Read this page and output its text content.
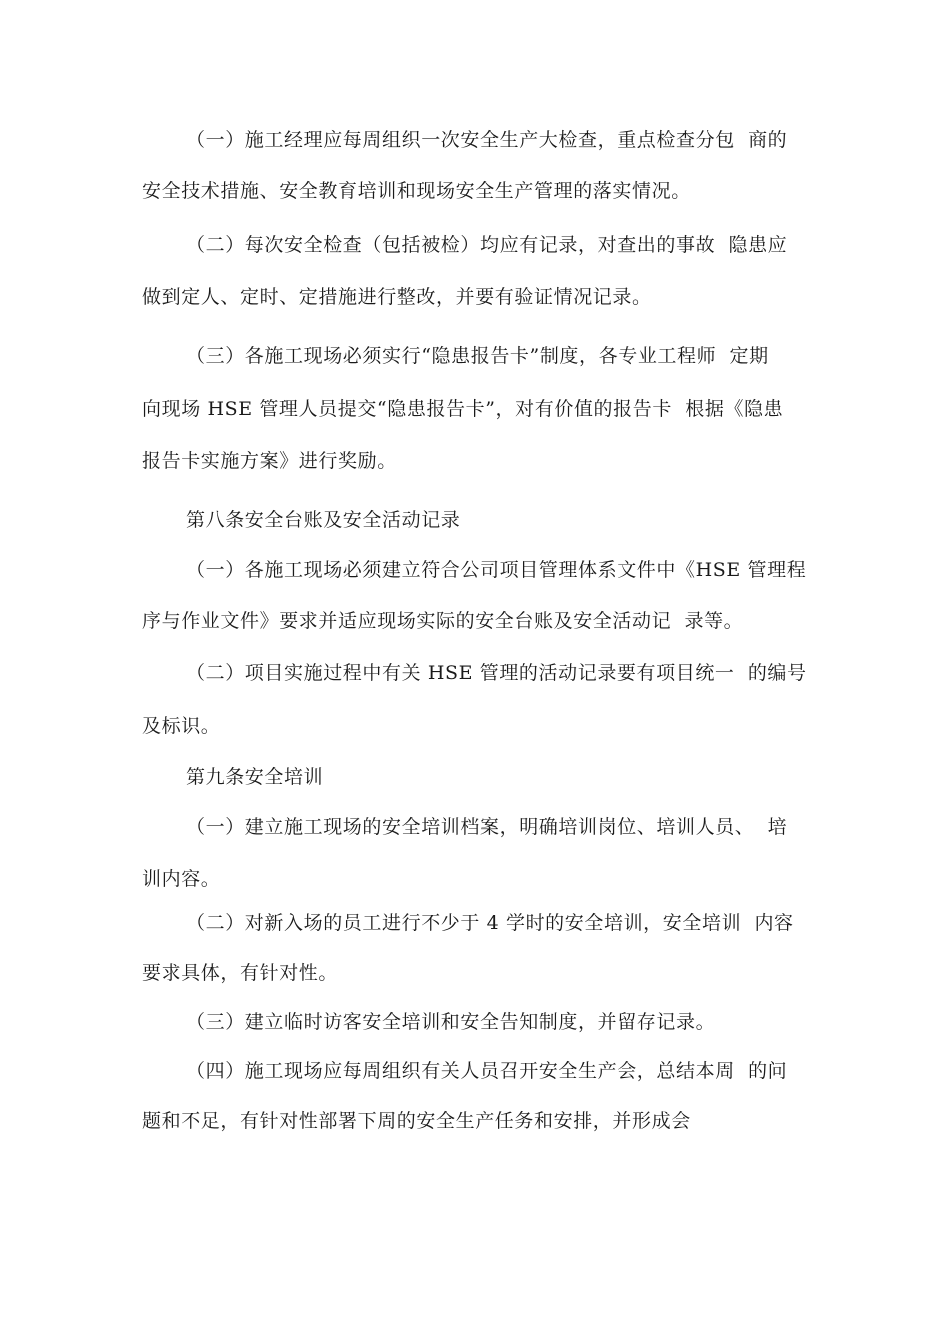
（一）施工经理应每周组织一次安全生产大检查，重点检查分包  商的
安全技术措施、安全教育培训和现场安全生产管理的落实情况。
（二）每次安全检查（包括被检）均应有记录，对查出的事故  隐患应
做到定人、定时、定措施进行整改，并要有验证情况记录。
（三）各施工现场必须实行“隐患报告卡”制度，各专业工程师  定期
向现场 HSE 管理人员提交“隐患报告卡”，对有价值的报告卡  根据《隐患
报告卡实施方案》进行奖励。
第八条安全台账及安全活动记录
（一）各施工现场必须建立符合公司项目管理体系文件中《HSE 管理程
序与作业文件》要求并适应现场实际的安全台账及安全活动记  录等。
（二）项目实施过程中有关 HSE 管理的活动记录要有项目统一  的编号
及标识。
第九条安全培训
（一）建立施工现场的安全培训档案，明确培训岗位、培训人员、  培
训内容。
（二）对新入场的员工进行不少于 4 学时的安全培训，安全培训  内容
要求具体，有针对性。
（三）建立临时访客安全培训和安全告知制度，并留存记录。
（四）施工现场应每周组织有关人员召开安全生产会，总结本周  的问
题和不足，有针对性部署下周的安全生产任务和安排，并形成会
